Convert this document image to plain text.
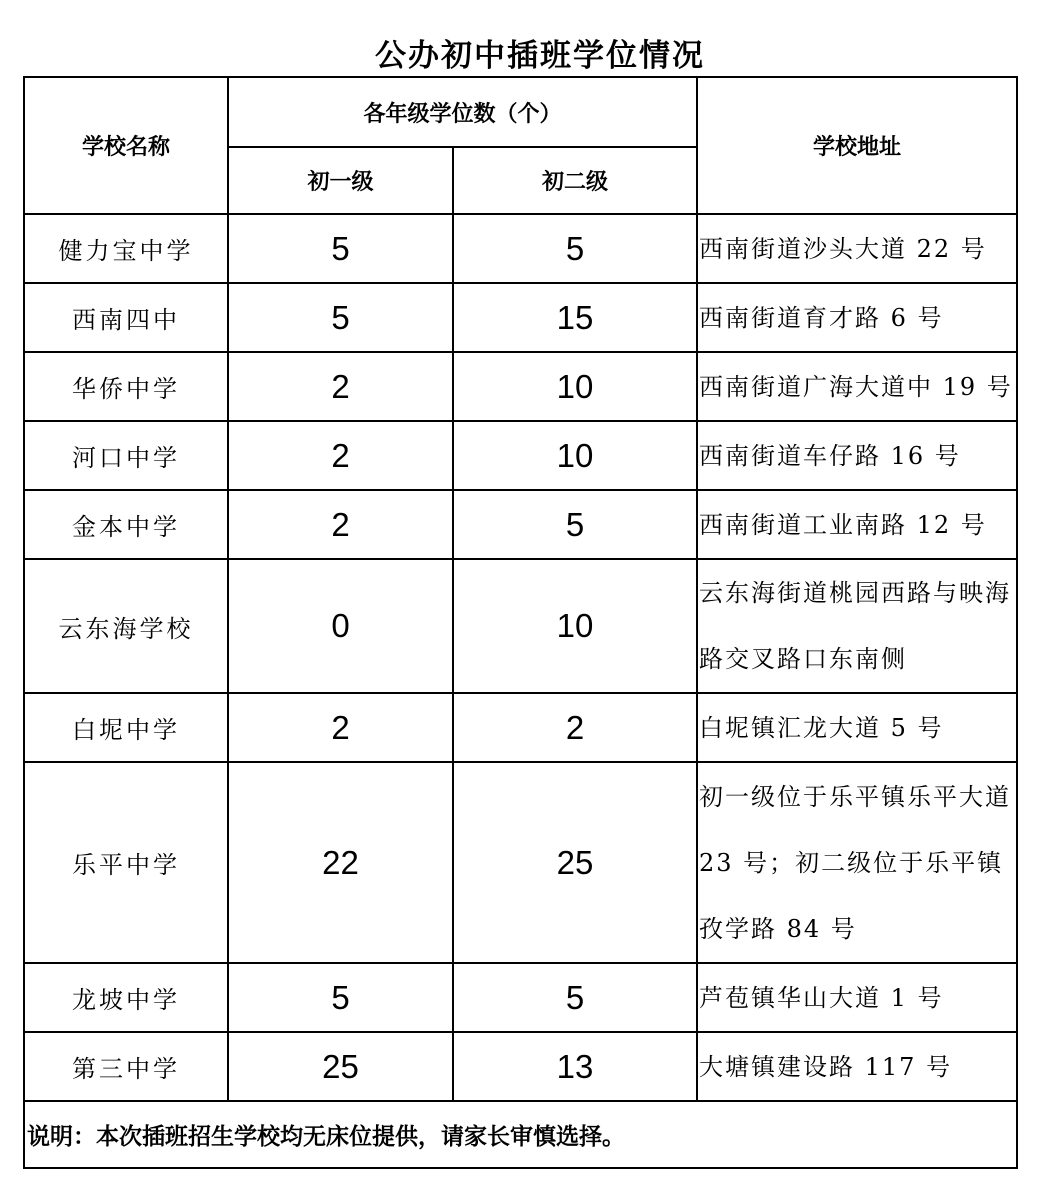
公办初中插班学位情况
学校名称	各年级学位数（个）		学校地址
	初一级	初二级	
健力宝中学	5	5	西南街道沙头大道 22 号
西南四中	5	15	西南街道育才路 6 号
华侨中学	2	10	西南街道广海大道中 19 号
河口中学	2	10	西南街道车仔路 16 号
金本中学	2	5	西南街道工业南路 12 号
云东海学校	0	10	云东海街道桃园西路与映海路交叉路口东南侧
白坭中学	2	2	白坭镇汇龙大道 5 号
乐平中学	22	25	初一级位于乐平镇乐平大道 23 号；初二级位于乐平镇孜学路 84 号
龙坡中学	5	5	芦苞镇华山大道 1 号
第三中学	25	13	大塘镇建设路 117 号
说明：本次插班招生学校均无床位提供，请家长审慎选择。			
